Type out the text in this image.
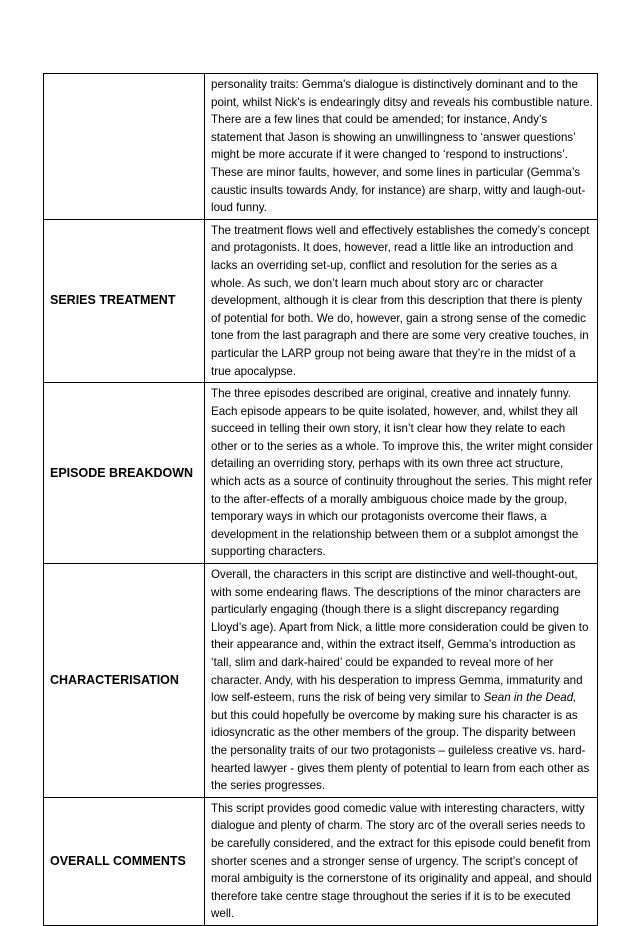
	personality traits: Gemma's dialogue is distinctively dominant and to the point, whilst Nick's is endearingly ditsy and reveals his combustible nature. There are a few lines that could be amended; for instance, Andy’s statement that Jason is showing an unwillingness to ‘answer questions’ might be more accurate if it were changed to ‘respond to instructions’. These are minor faults, however, and some lines in particular (Gemma’s caustic insults towards Andy, for instance) are sharp, witty and laugh-out-loud funny.
SERIES TREATMENT	The treatment flows well and effectively establishes the comedy’s concept and protagonists. It does, however, read a little like an introduction and lacks an overriding set-up, conflict and resolution for the series as a whole. As such, we don’t learn much about story arc or character development, although it is clear from this description that there is plenty of potential for both. We do, however, gain a strong sense of the comedic tone from the last paragraph and there are some very creative touches, in particular the LARP group not being aware that they’re in the midst of a true apocalypse.
EPISODE BREAKDOWN	The three episodes described are original, creative and innately funny. Each episode appears to be quite isolated, however, and, whilst they all succeed in telling their own story, it isn’t clear how they relate to each other or to the series as a whole. To improve this, the writer might consider detailing an overriding story, perhaps with its own three act structure, which acts as a source of continuity throughout the series. This might refer to the after-effects of a morally ambiguous choice made by the group, temporary ways in which our protagonists overcome their flaws, a development in the relationship between them or a subplot amongst the supporting characters.
CHARACTERISATION	Overall, the characters in this script are distinctive and well-thought-out, with some endearing flaws. The descriptions of the minor characters are particularly engaging (though there is a slight discrepancy regarding Lloyd’s age). Apart from Nick, a little more consideration could be given to their appearance and, within the extract itself, Gemma’s introduction as ‘tall, slim and dark-haired’ could be expanded to reveal more of her character. Andy, with his desperation to impress Gemma, immaturity and low self-esteem, runs the risk of being very similar to Sean in the Dead, but this could hopefully be overcome by making sure his character is as idiosyncratic as the other members of the group. The disparity between the personality traits of our two protagonists – guileless creative vs. hard-hearted lawyer - gives them plenty of potential to learn from each other as the series progresses.
OVERALL COMMENTS	This script provides good comedic value with interesting characters, witty dialogue and plenty of charm. The story arc of the overall series needs to be carefully considered, and the extract for this episode could benefit from shorter scenes and a stronger sense of urgency. The script’s concept of moral ambiguity is the cornerstone of its originality and appeal, and should therefore take centre stage throughout the series if it is to be executed well.
